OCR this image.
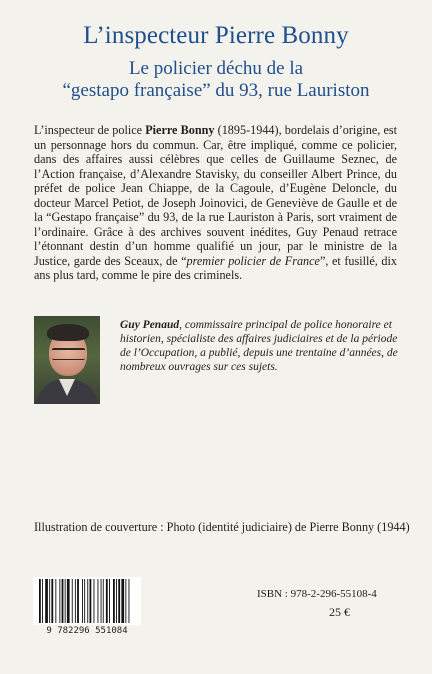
L’inspecteur Pierre Bonny
Le policier déchu de la
“gestapo française” du 93, rue Lauriston

L’inspecteur de police Pierre Bonny (1895-1944), bordelais d’origine, est un personnage hors du commun. Car, être impliqué, comme ce policier, dans des affaires aussi célèbres que celles de Guillaume Seznec, de l’Action française, d’Alexandre Stavisky, du conseiller Albert Prince, du préfet de police Jean Chiappe, de la Cagoule, d’Eugène Deloncle, du docteur Marcel Petiot, de Joseph Joinovici, de Geneviève de Gaulle et de la “Gestapo française” du 93, de la rue Lauriston à Paris, sort vraiment de l’ordinaire. Grâce à des archives souvent inédites, Guy Penaud retrace l’étonnant destin d’un homme qualifié un jour, par le ministre de la Justice, garde des Sceaux, de “premier policier de France”, et fusillé, dix ans plus tard, comme le pire des criminels.

Guy Penaud, commissaire principal de police honoraire et historien, spécialiste des affaires judiciaires et de la période de l’Occupation, a publié, depuis une trentaine d’années, de nombreux ouvrages sur ces sujets.
Illustration de couverture : Photo (identité judiciaire) de Pierre Bonny (1944)
9 782296 551084
ISBN : 978-2-296-55108-4
25 €
